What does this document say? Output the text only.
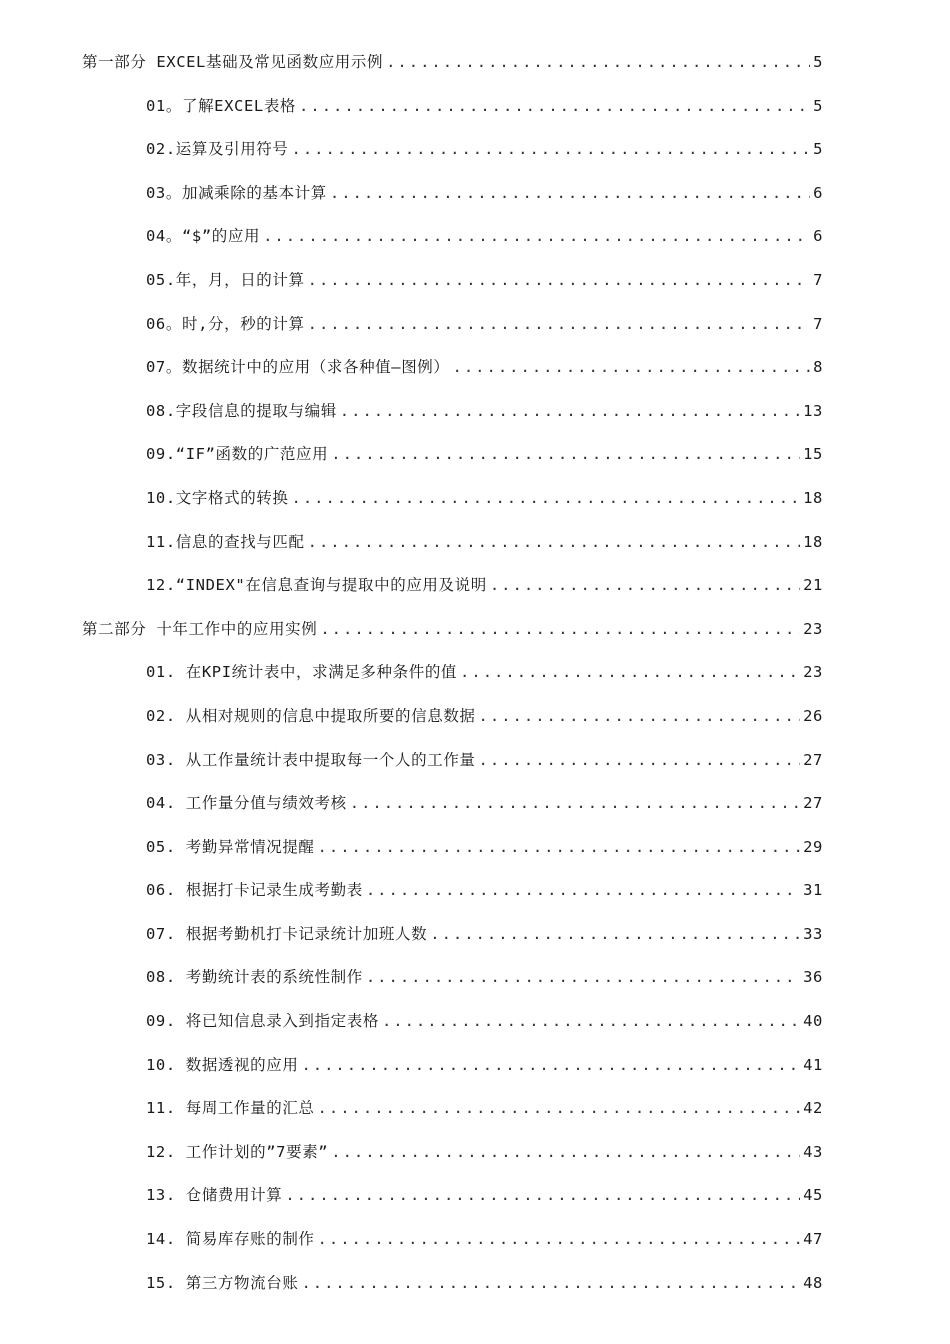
第一部分 EXCEL基础及常见函数应用示例 .....	5
01。了解EXCEL表格 .....	5
02.运算及引用符号 .....	5
03。加减乘除的基本计算 .....	6
04。“$”的应用 .....	6
05.年，月，日的计算 .....	7
06。时,分，秒的计算 .....	7
07。数据统计中的应用（求各种值—图例） .....	8
08.字段信息的提取与编辑 .....	13
09.“IF”函数的广范应用 .....	15
10.文字格式的转换 .....	18
11.信息的查找与匹配 .....	18
12.“INDEX"在信息查询与提取中的应用及说明 .....	21
第二部分 十年工作中的应用实例 .....	23
01. 在KPI统计表中，求满足多种条件的值 .....	23
02. 从相对规则的信息中提取所要的信息数据 .....	26
03. 从工作量统计表中提取每一个人的工作量 .....	27
04. 工作量分值与绩效考核 .....	27
05. 考勤异常情况提醒 .....	29
06. 根据打卡记录生成考勤表 .....	31
07. 根据考勤机打卡记录统计加班人数 .....	33
08. 考勤统计表的系统性制作 .....	36
09. 将已知信息录入到指定表格 .....	40
10. 数据透视的应用 .....	41
11. 每周工作量的汇总 .....	42
12. 工作计划的”7要素” .....	43
13. 仓储费用计算 .....	45
14. 简易库存账的制作 .....	47
15. 第三方物流台账 .....	48
